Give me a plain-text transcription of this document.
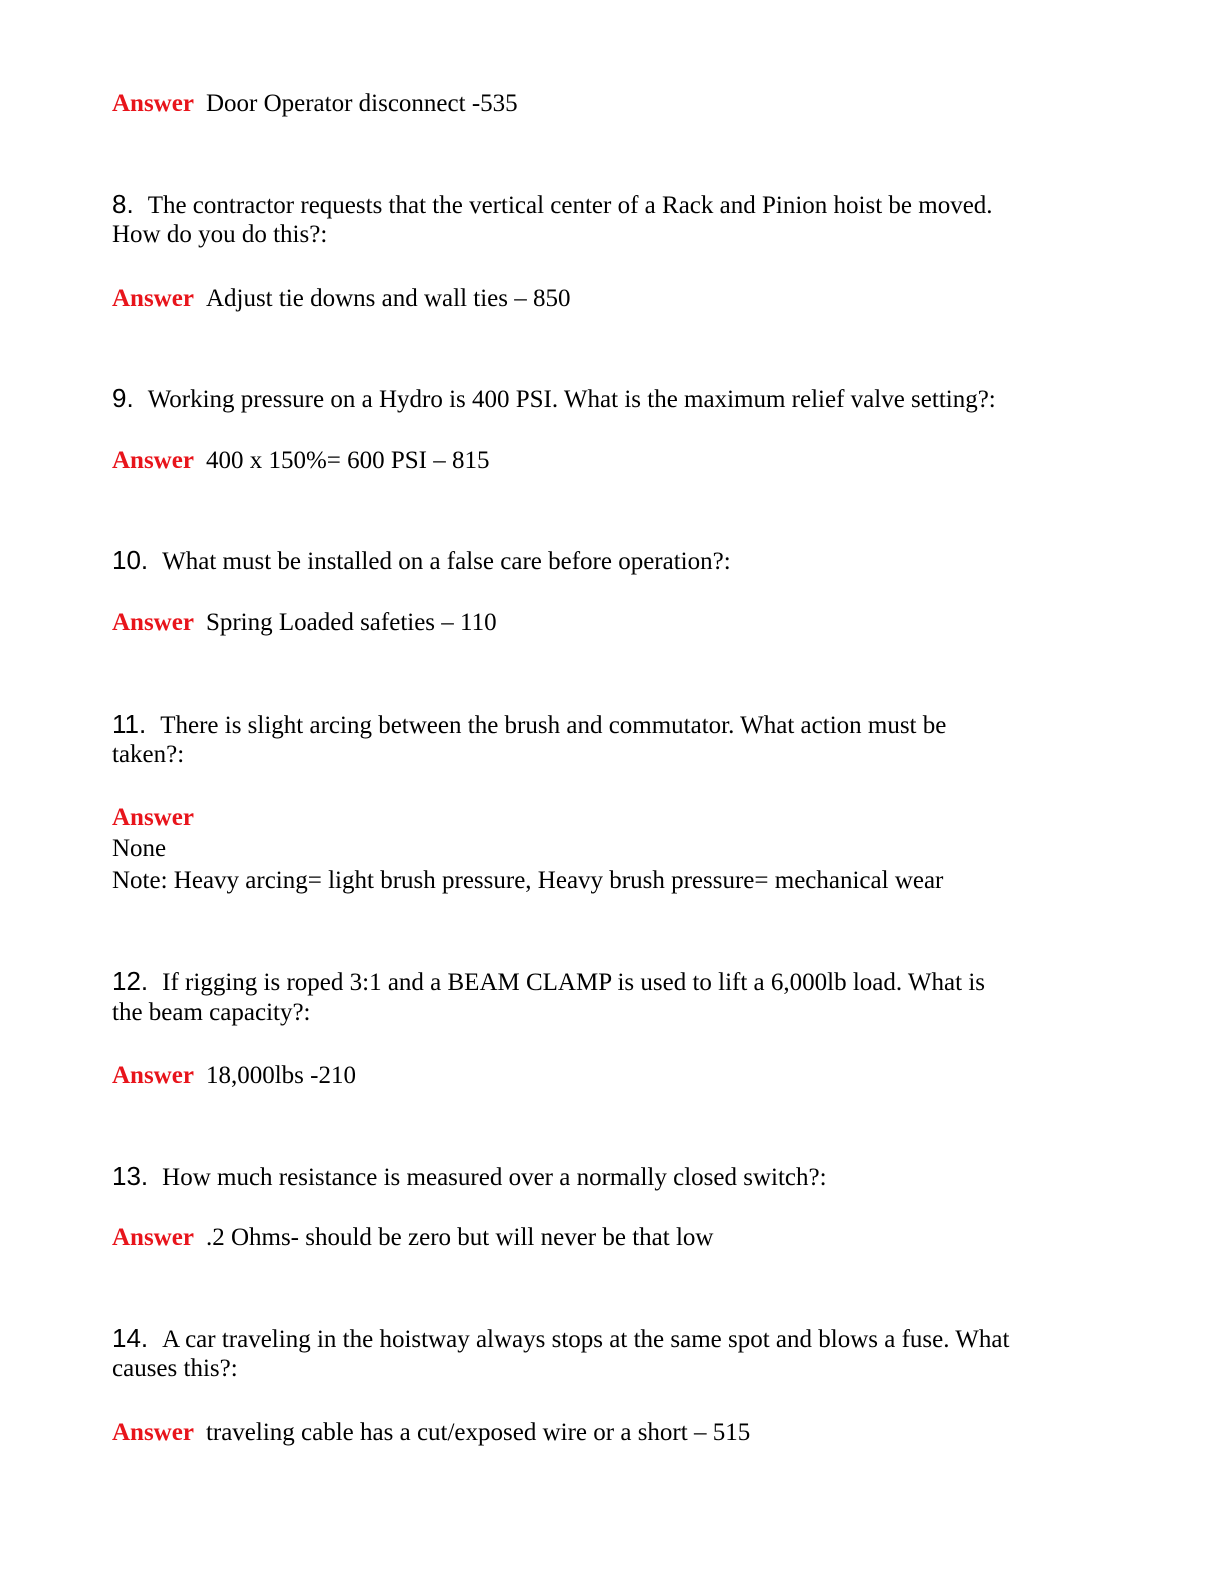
Answer Door Operator disconnect -535
8. The contractor requests that the vertical center of a Rack and Pinion hoist be moved.
How do you do this?:
Answer Adjust tie downs and wall ties – 850
9. Working pressure on a Hydro is 400 PSI. What is the maximum relief valve setting?:
Answer 400 x 150%= 600 PSI – 815
10. What must be installed on a false care before operation?:
Answer Spring Loaded safeties – 110
11. There is slight arcing between the brush and commutator. What action must be
taken?:
Answer
None
Note: Heavy arcing= light brush pressure, Heavy brush pressure= mechanical wear
12. If rigging is roped 3:1 and a BEAM CLAMP is used to lift a 6,000lb load. What is
the beam capacity?:
Answer 18,000lbs -210
13. How much resistance is measured over a normally closed switch?:
Answer .2 Ohms- should be zero but will never be that low
14. A car traveling in the hoistway always stops at the same spot and blows a fuse. What
causes this?:
Answer traveling cable has a cut/exposed wire or a short – 515
